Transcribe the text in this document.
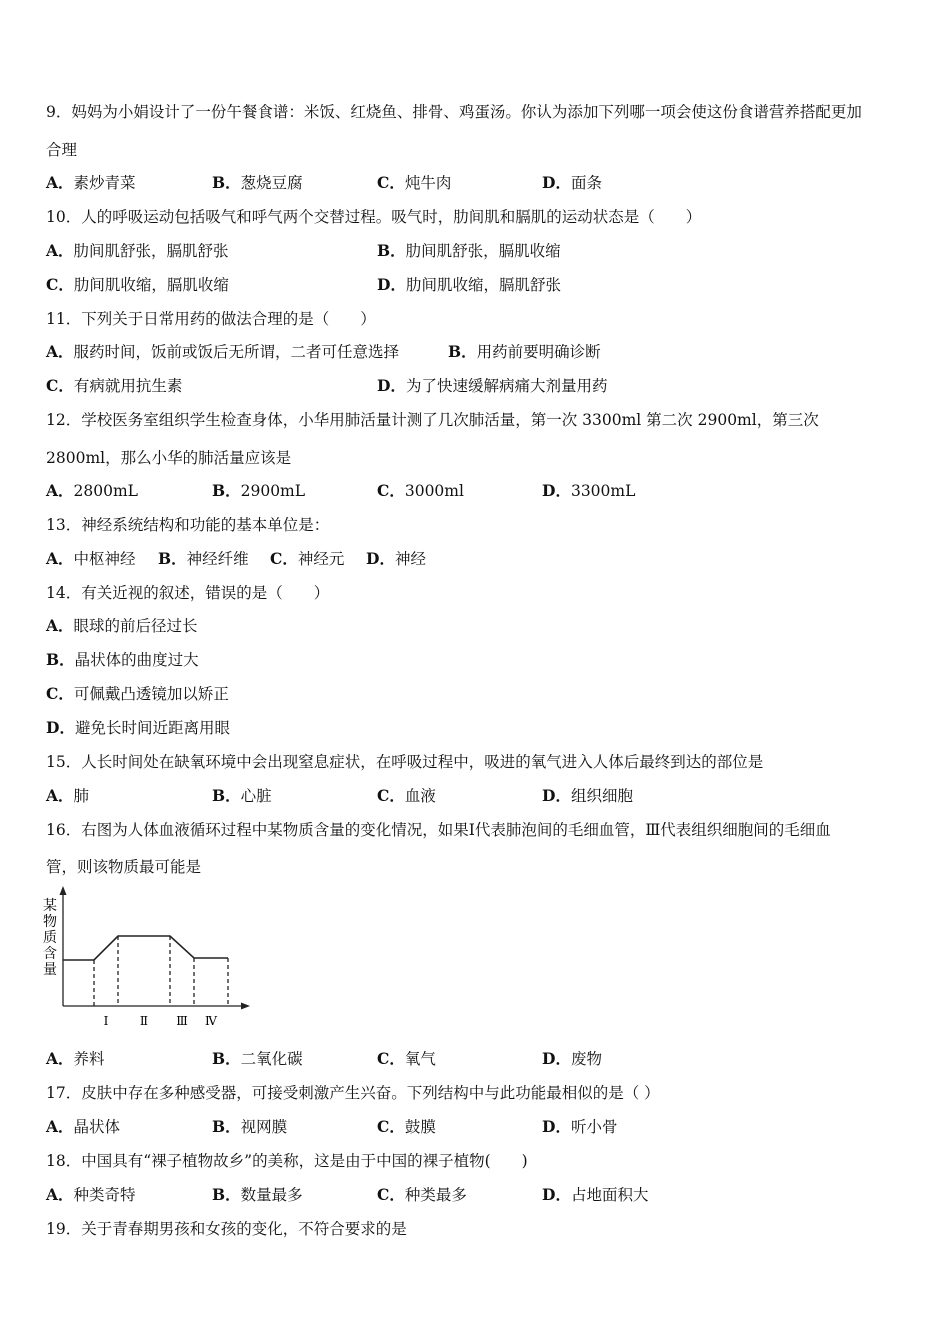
9．妈妈为小娟设计了一份午餐食谱：米饭、红烧鱼、排骨、鸡蛋汤。你认为添加下列哪一项会使这份食谱营养搭配更加
合理
A．素炒青菜	B．葱烧豆腐	C．炖牛肉	D．面条
10．人的呼吸运动包括吸气和呼气两个交替过程。吸气时，肋间肌和膈肌的运动状态是（　　）
A．肋间肌舒张，膈肌舒张	B．肋间肌舒张，膈肌收缩
C．肋间肌收缩，膈肌收缩	D．肋间肌收缩，膈肌舒张
11．下列关于日常用药的做法合理的是（　　）
A．服药时间，饭前或饭后无所谓，二者可任意选择	B．用药前要明确诊断
C．有病就用抗生素	D．为了快速缓解病痛大剂量用药
12．学校医务室组织学生检查身体，小华用肺活量计测了几次肺活量，第一次 3300ml 第二次 2900ml，第三次
2800ml，那么小华的肺活量应该是
A．2800mL	B．2900mL	C．3000ml	D．3300mL
13．神经系统结构和功能的基本单位是：
A．中枢神经 B．神经纤维 C．神经元 D．神经
14．有关近视的叙述，错误的是（　　）
A．眼球的前后径过长
B．晶状体的曲度过大
C．可佩戴凸透镜加以矫正
D．避免长时间近距离用眼
15．人长时间处在缺氧环境中会出现窒息症状，在呼吸过程中，吸进的氧气进入人体后最终到达的部位是
A．肺	B．心脏	C．血液	D．组织细胞
16．右图为人体血液循环过程中某物质含量的变化情况，如果Ⅰ代表肺泡间的毛细血管，Ⅲ代表组织细胞间的毛细血
管，则该物质最可能是
某
物
质
含
量
Ⅰ	Ⅱ Ⅲ Ⅳ
A．养料	B．二氧化碳	C．氧气	D．废物
17．皮肤中存在多种感受器，可接受刺激产生兴奋。下列结构中与此功能最相似的是（ ）
A．晶状体	B．视网膜	C．鼓膜	D．听小骨
18．中国具有“裸子植物故乡”的美称，这是由于中国的裸子植物(　　)
A．种类奇特	B．数量最多	C．种类最多	D．占地面积大
19．关于青春期男孩和女孩的变化，不符合要求的是
